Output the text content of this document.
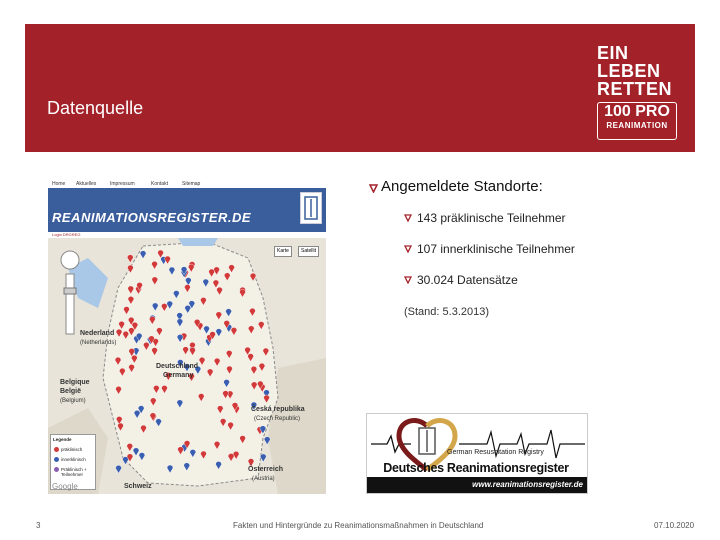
Datenquelle
EIN LEBEN
RETTEN
100 PRO
REANIMATION
Home Aktuelles	Impressum	Kontakt	Sitemap
REANIMATIONSREGISTER.DE
Login DRGREG
Karte	Satellit
Nederland
(Netherlands)
Belgique
België
(Belgium)
Deutschland
Germany
Česká republika
(Czech Republic)
Österreich
(Austria)
Schweiz
Legende
präklinisch
innerklinisch
Präklinisch + Teilnehmer
Google
Angemeldete Standorte:
143 präklinische Teilnehmer
107 innerklinische Teilnehmer
30.024 Datensätze
(Stand: 5.3.2013)
German Resuscitation Registry
Deutsches Reanimationsregister
www.reanimationsregister.de
3	Fakten und Hintergründe zu Reanimationsmaßnahmen in Deutschland	07.10.2020
